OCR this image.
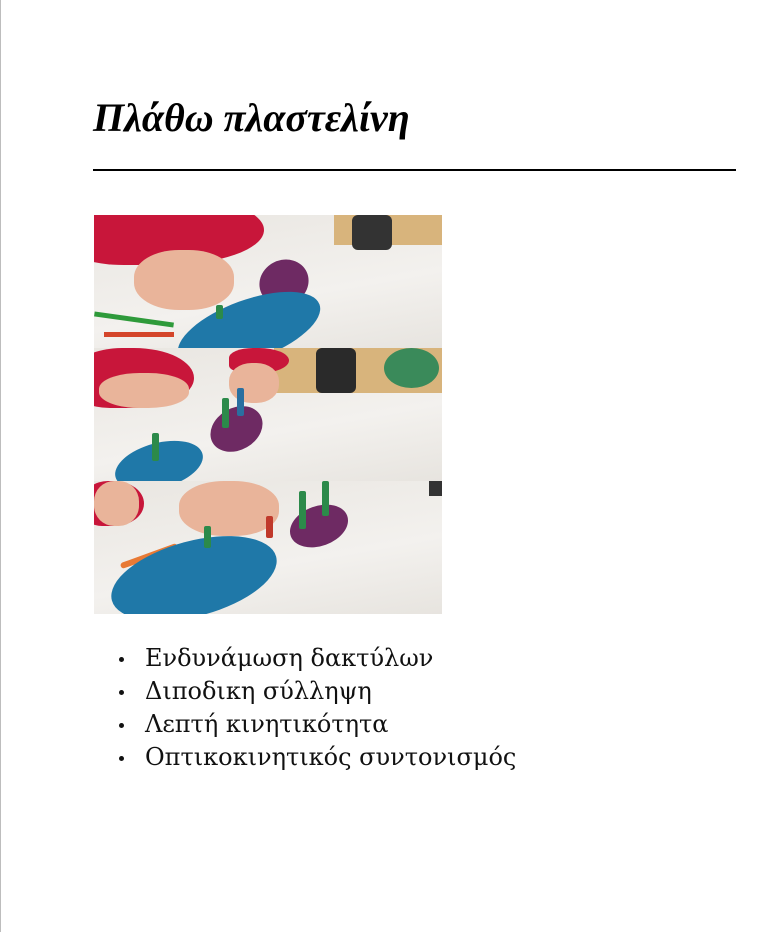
Πλάθω πλαστελίνη
Ενδυνάμωση δακτύλων
Διποδικη σύλληψη
Λεπτή κινητικότητα
Οπτικοκινητικός συντονισμός
